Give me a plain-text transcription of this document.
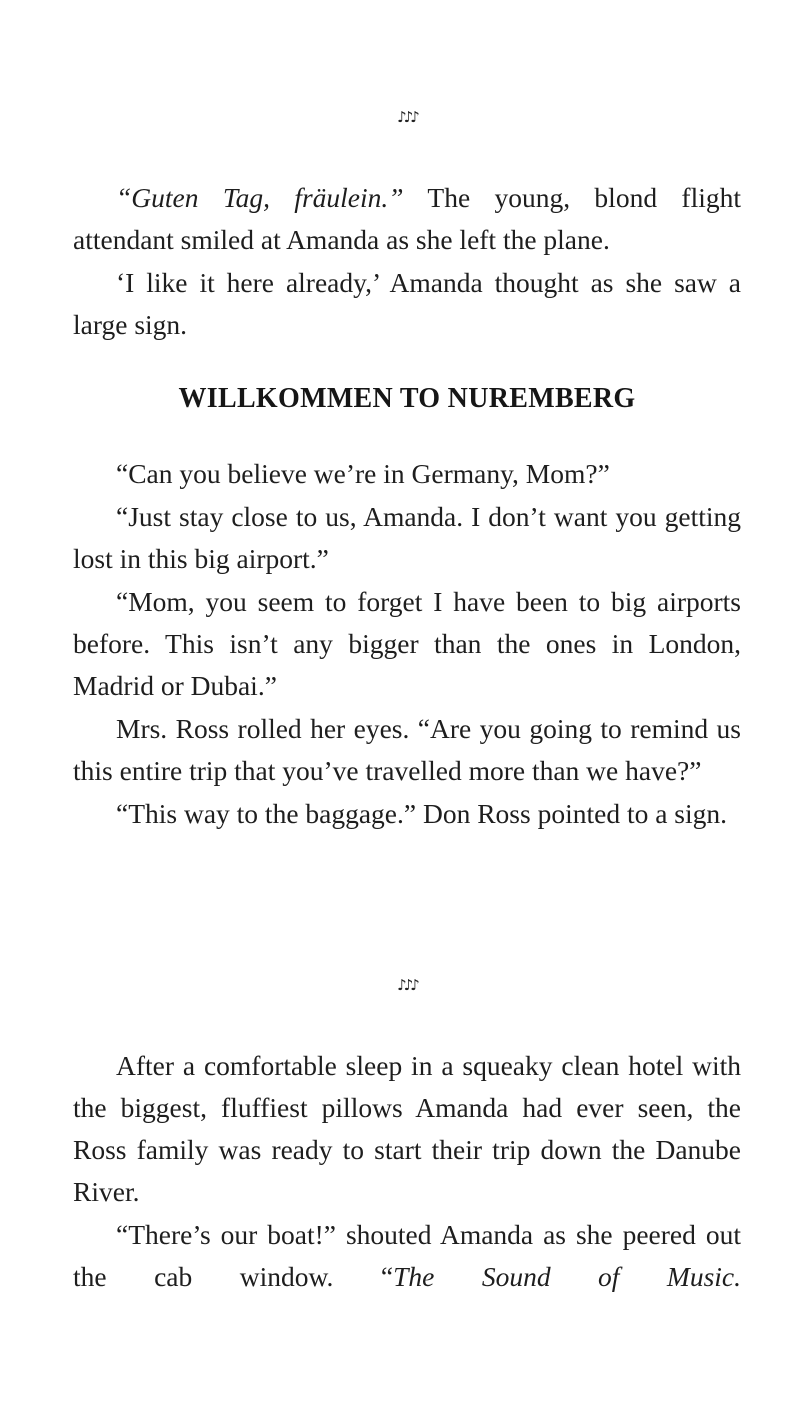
♪♪♪

“Guten Tag, fräulein.” The young, blond flight attendant smiled at Amanda as she left the plane.

‘I like it here already,’ Amanda thought as she saw a large sign.

WILLKOMMEN TO NUREMBERG

“Can you believe we’re in Germany, Mom?”

“Just stay close to us, Amanda. I don’t want you getting lost in this big airport.”

“Mom, you seem to forget I have been to big airports before. This isn’t any bigger than the ones in London, Madrid or Dubai.”

Mrs. Ross rolled her eyes. “Are you going to remind us this entire trip that you’ve travelled more than we have?”

“This way to the baggage.” Don Ross pointed to a sign.

♪♪♪

After a comfortable sleep in a squeaky clean hotel with the biggest, fluffiest pillows Amanda had ever seen, the Ross family was ready to start their trip down the Danube River.

“There’s our boat!” shouted Amanda as she peered out the cab window. “The Sound of Music.
